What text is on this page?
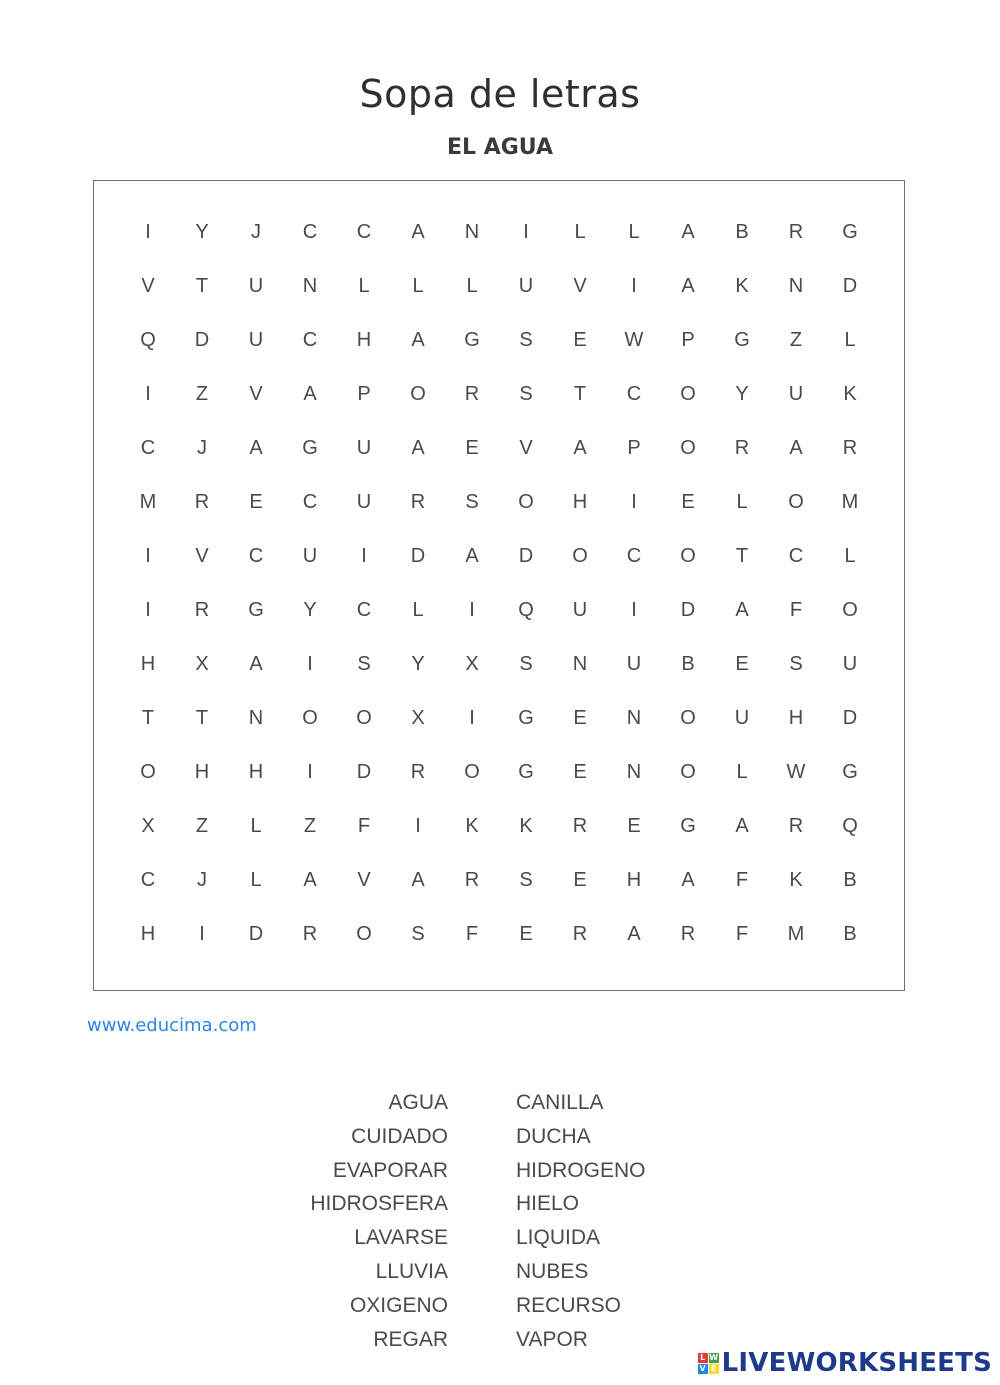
Sopa de letras
EL AGUA
I	Y	J	C	C	A	N	I	L	L	A	B	R	G
V	T	U	N	L	L	L	U	V	I	A	K	N	D
Q	D	U	C	H	A	G	S	E	W	P	G	Z	L
I	Z	V	A	P	O	R	S	T	C	O	Y	U	K
C	J	A	G	U	A	E	V	A	P	O	R	A	R
M	R	E	C	U	R	S	O	H	I	E	L	O	M
I	V	C	U	I	D	A	D	O	C	O	T	C	L
I	R	G	Y	C	L	I	Q	U	I	D	A	F	O
H	X	A	I	S	Y	X	S	N	U	B	E	S	U
T	T	N	O	O	X	I	G	E	N	O	U	H	D
O	H	H	I	D	R	O	G	E	N	O	L	W	G
X	Z	L	Z	F	I	K	K	R	E	G	A	R	Q
C	J	L	A	V	A	R	S	E	H	A	F	K	B
H	I	D	R	O	S	F	E	R	A	R	F	M	B
www.educima.com
AGUA
CUIDADO
EVAPORAR
HIDROSFERA
LAVARSE
LLUVIA
OXIGENO
REGAR
CANILLA
DUCHA
HIDROGENO
HIELO
LIQUIDA
NUBES
RECURSO
VAPOR
L W
V E LIVEWORKSHEETS
